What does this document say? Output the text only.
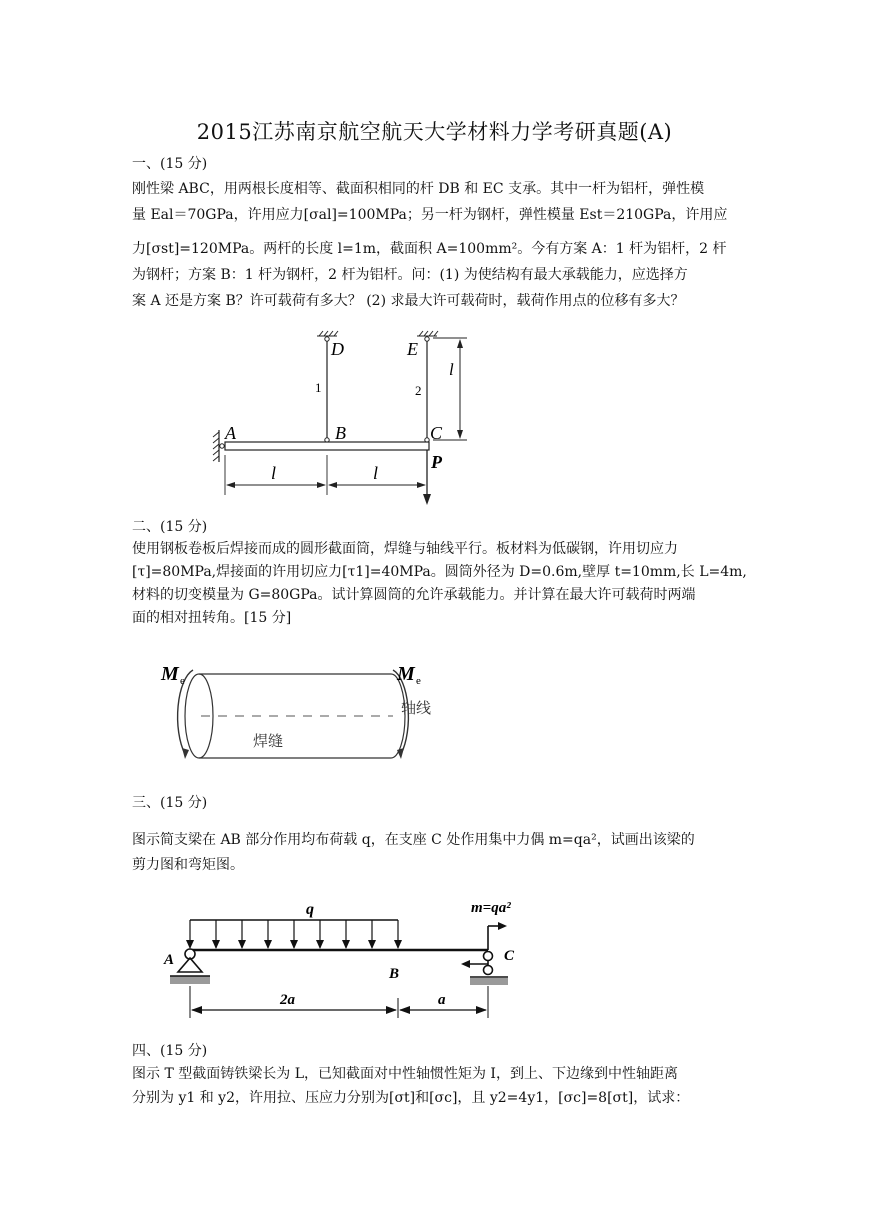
2015江苏南京航空航天大学材料力学考研真题(A)
一、(15 分)
刚性梁 ABC，用两根长度相等、截面积相同的杆 DB 和 EC 支承。其中一杆为铝杆，弹性模
量 Eal＝70GPa，许用应力[σal]=100MPa；另一杆为钢杆，弹性模量 Est＝210GPa，许用应
力[σst]=120MPa。两杆的长度 l=1m，截面积 A=100mm²。今有方案 A：1 杆为铝杆，2 杆
为钢杆；方案 B：1 杆为钢杆，2 杆为铝杆。问：(1) 为使结构有最大承载能力，应选择方
案 A 还是方案 B？许可载荷有多大？ (2) 求最大许可载荷时，载荷作用点的位移有多大？
D	E
1	2
l
A	B	C
P
l	l
二、(15 分)
使用钢板卷板后焊接而成的圆形截面筒，焊缝与轴线平行。板材料为低碳钢，许用切应力
[τ]=80MPa,焊接面的许用切应力[τ1]=40MPa。圆筒外径为 D=0.6m,壁厚 t=10mm,长 L=4m,
材料的切变模量为 G=80GPa。试计算圆筒的允许承载能力。并计算在最大许可载荷时两端
面的相对扭转角。[15 分]
M e	M e
轴线
焊缝
三、(15 分)
图示简支梁在 AB 部分作用均布荷载 q，在支座 C 处作用集中力偶 m=qa²，试画出该梁的
剪力图和弯矩图。
q	m=qa²
A
B
C
2a	a
四、(15 分)
图示 T 型截面铸铁梁长为 L，已知截面对中性轴惯性矩为 I，到上、下边缘到中性轴距离
分别为 y1 和 y2，许用拉、压应力分别为[σt]和[σc]，且 y2=4y1，[σc]=8[σt]，试求：
